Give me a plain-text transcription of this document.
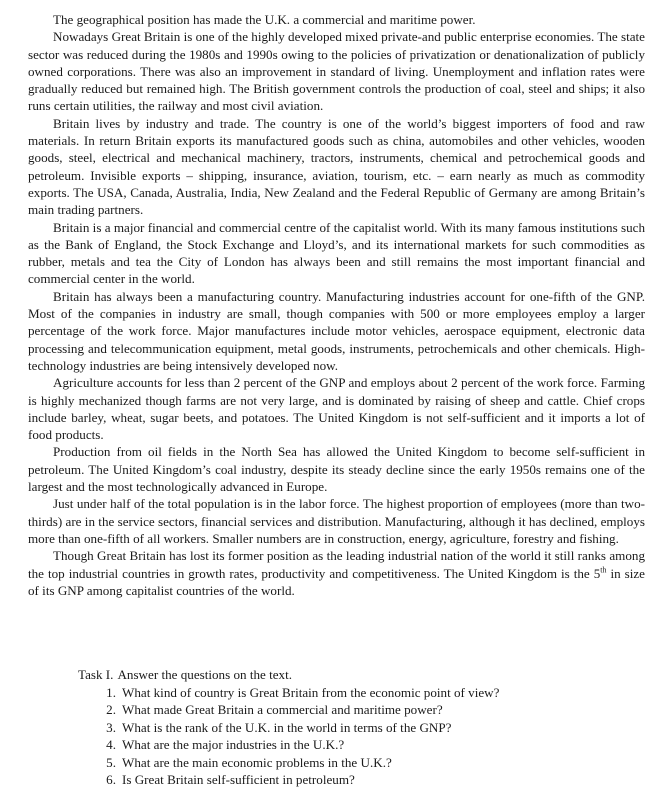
The geographical position has made the U.K. a commercial and maritime power.

Nowadays Great Britain is one of the highly developed mixed private-and public enterprise economies. The state sector was reduced during the 1980s and 1990s owing to the policies of privatization or denationalization of publicly owned corporations. There was also an improvement in standard of living. Unemployment and inflation rates were gradually reduced but remained high. The British government controls the production of coal, steel and ships; it also runs certain utilities, the railway and most civil aviation.

Britain lives by industry and trade. The country is one of the world’s biggest importers of food and raw materials. In return Britain exports its manufactured goods such as china, automobiles and other vehicles, wooden goods, steel, electrical and mechanical machinery, tractors, instruments, chemical and petrochemical goods and petroleum. Invisible exports – shipping, insurance, aviation, tourism, etc. – earn nearly as much as commodity exports. The USA, Canada, Australia, India, New Zealand and the Federal Republic of Germany are among Britain’s main trading partners.

Britain is a major financial and commercial centre of the capitalist world. With its many famous institutions such as the Bank of England, the Stock Exchange and Lloyd’s, and its international markets for such commodities as rubber, metals and tea the City of London has always been and still remains the most important financial and commercial center in the world.

Britain has always been a manufacturing country. Manufacturing industries account for one-fifth of the GNP. Most of the companies in industry are small, though companies with 500 or more employees employ a larger percentage of the work force. Major manufactures include motor vehicles, aerospace equipment, electronic data processing and telecommunication equipment, metal goods, instruments, petrochemicals and other chemicals. High-technology industries are being intensively developed now.

Agriculture accounts for less than 2 percent of the GNP and employs about 2 percent of the work force. Farming is highly mechanized though farms are not very large, and is dominated by raising of sheep and cattle. Chief crops include barley, wheat, sugar beets, and potatoes. The United Kingdom is not self-sufficient and it imports a lot of food products.

Production from oil fields in the North Sea has allowed the United Kingdom to become self-sufficient in petroleum. The United Kingdom’s coal industry, despite its steady decline since the early 1950s remains one of the largest and the most technologically advanced in Europe.

Just under half of the total population is in the labor force. The highest proportion of employees (more than two-thirds) are in the service sectors, financial services and distribution. Manufacturing, although it has declined, employs more than one-fifth of all workers. Smaller numbers are in construction, energy, agriculture, forestry and fishing.

Though Great Britain has lost its former position as the leading industrial nation of the world it still ranks among the top industrial countries in growth rates, productivity and competitiveness. The United Kingdom is the 5th in size of its GNP among capitalist countries of the world.

Task I. Answer the questions on the text.

1. What kind of country is Great Britain from the economic point of view?
2. What made Great Britain a commercial and maritime power?
3. What is the rank of the U.K. in the world in terms of the GNP?
4. What are the major industries in the U.K.?
5. What are the main economic problems in the U.K.?
6. Is Great Britain self-sufficient in petroleum?
